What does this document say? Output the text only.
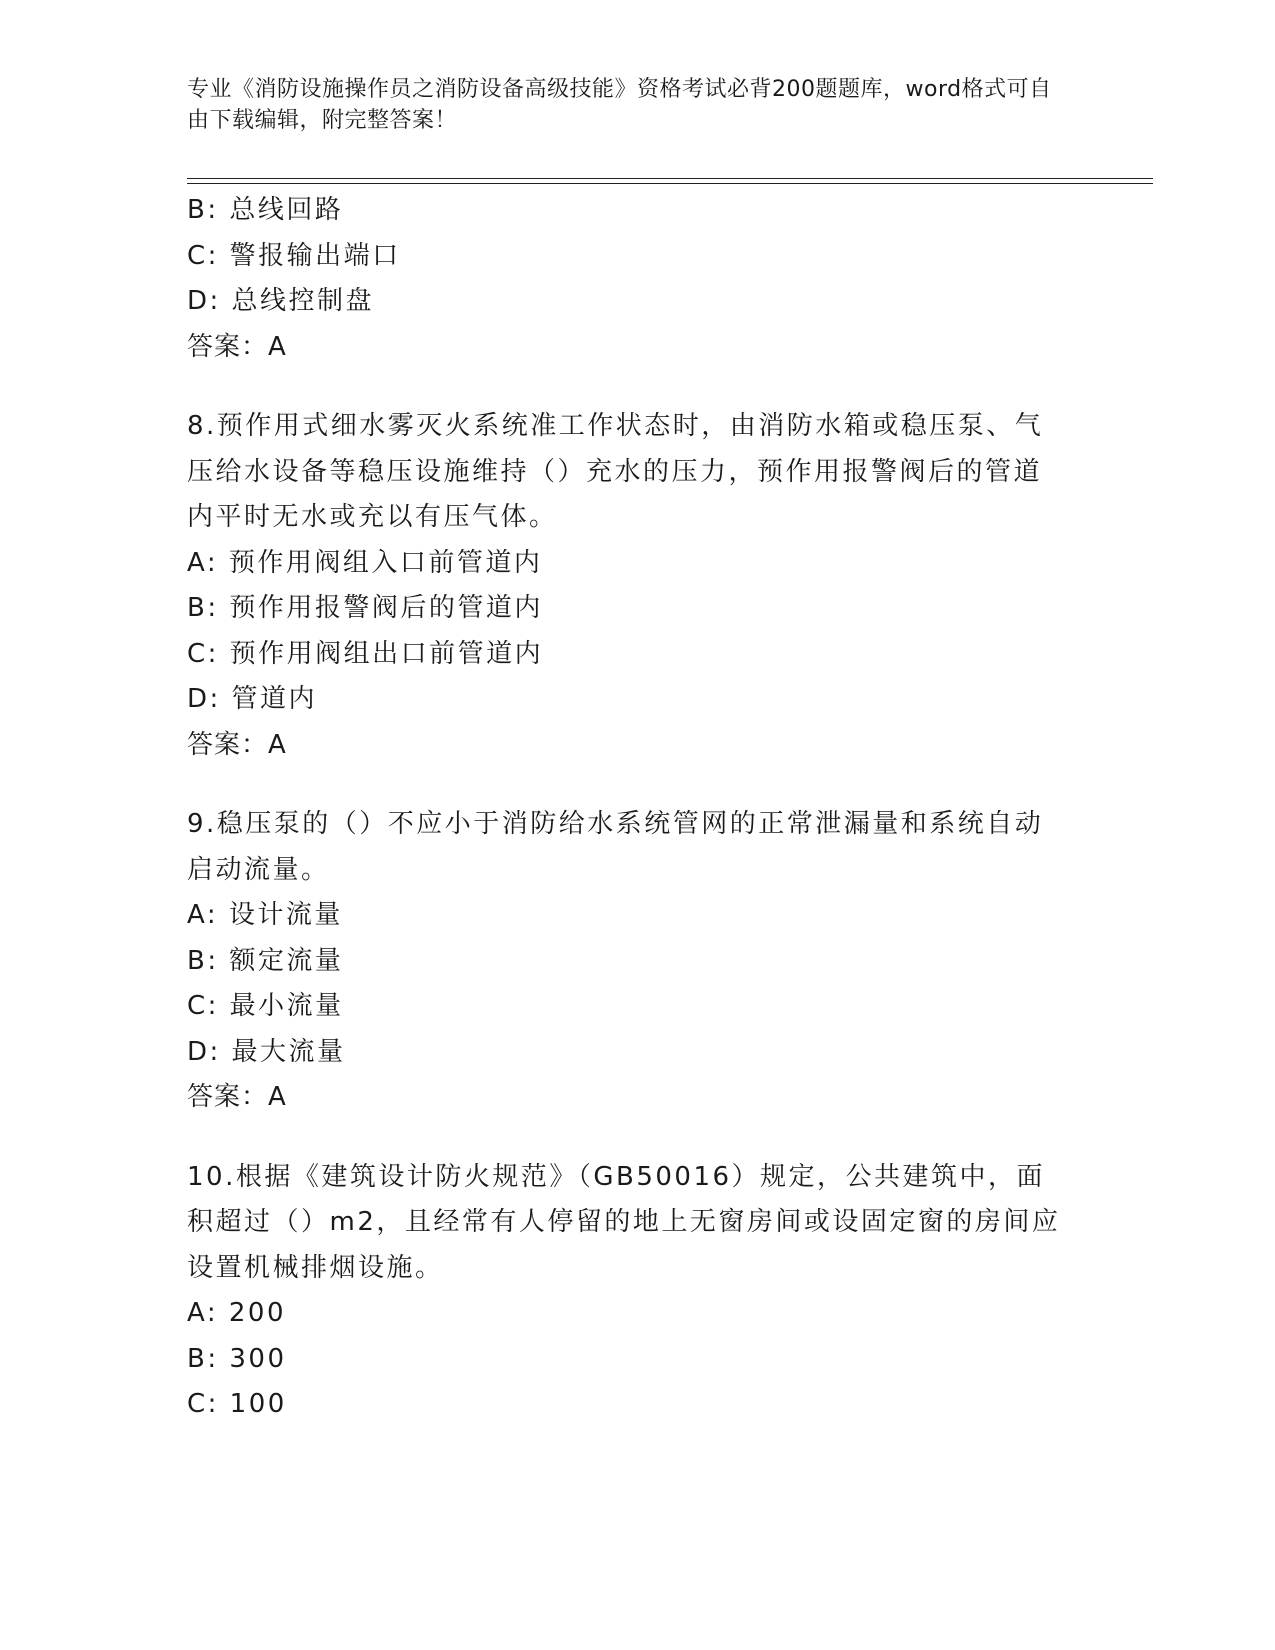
专业《消防设施操作员之消防设备高级技能》资格考试必背200题题库，word格式可自由下载编辑，附完整答案！
B: 总线回路
C: 警报输出端口
D: 总线控制盘
答案：A
8.预作用式细水雾灭火系统准工作状态时，由消防水箱或稳压泵、气压给水设备等稳压设施维持（）充水的压力，预作用报警阀后的管道内平时无水或充以有压气体。
A: 预作用阀组入口前管道内
B: 预作用报警阀后的管道内
C: 预作用阀组出口前管道内
D: 管道内
答案：A
9.稳压泵的（）不应小于消防给水系统管网的正常泄漏量和系统自动启动流量。
A: 设计流量
B: 额定流量
C: 最小流量
D: 最大流量
答案：A
10.根据《建筑设计防火规范》（GB50016）规定，公共建筑中，面积超过（）m2，且经常有人停留的地上无窗房间或设固定窗的房间应设置机械排烟设施。
A: 200
B: 300
C: 100
